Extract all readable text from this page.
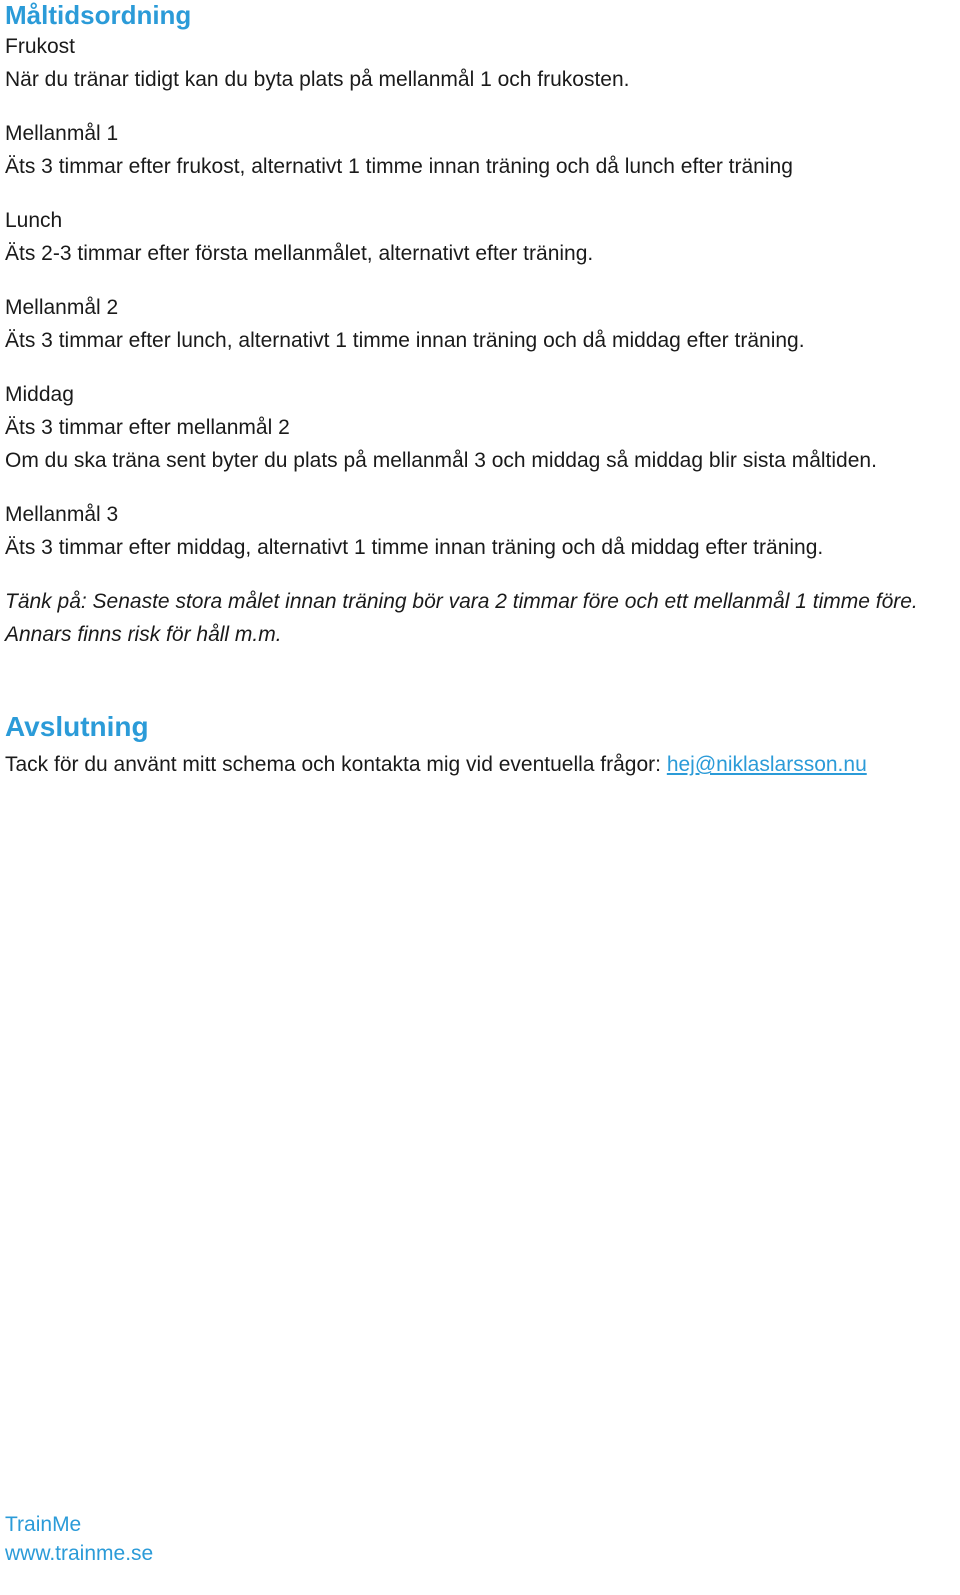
Måltidsordning
Frukost
När du tränar tidigt kan du byta plats på mellanmål 1 och frukosten.
Mellanmål 1
Äts 3 timmar efter frukost, alternativt 1 timme innan träning och då lunch efter träning
Lunch
Äts 2-3 timmar efter första mellanmålet, alternativt efter träning.
Mellanmål 2
Äts 3 timmar efter lunch, alternativt 1 timme innan träning och då middag efter träning.
Middag
Äts 3 timmar efter mellanmål 2
Om du ska träna sent byter du plats på mellanmål 3 och middag så middag blir sista måltiden.
Mellanmål 3
Äts 3 timmar efter middag, alternativt 1 timme innan träning och då middag efter träning.
Tänk på: Senaste stora målet innan träning bör vara 2 timmar före och ett mellanmål 1 timme före.
Annars finns risk för håll m.m.
Avslutning
Tack för du använt mitt schema och kontakta mig vid eventuella frågor: hej@niklaslarsson.nu
TrainMe
www.trainme.se
